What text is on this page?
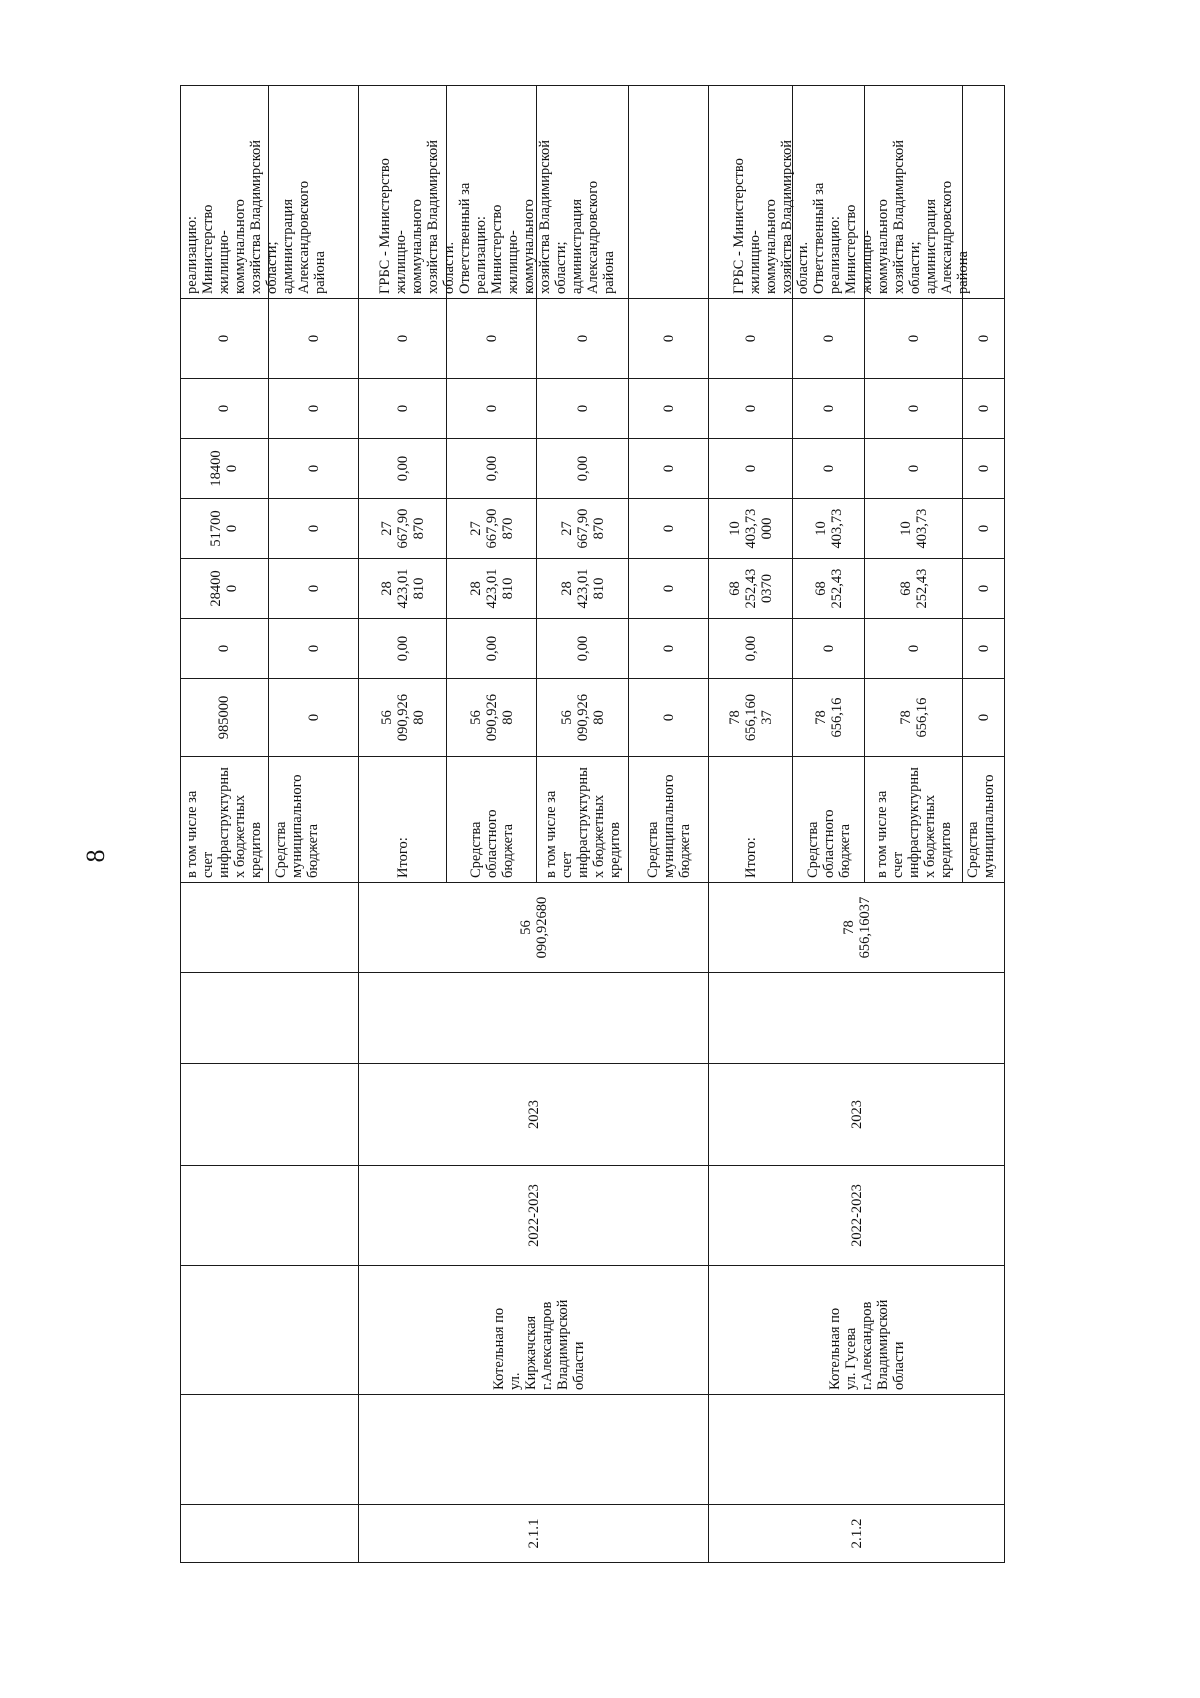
8
в том числе за
счет
инфраструктурны
х бюджетных
кредитов
985000
0
28400
0
51700
0
18400
0
0
0
реализацию:
Министерство
жилищно-
коммунального
хозяйства Владимирской
области;
администрация
Александровского
района
Средства
муниципального
бюджета
0
0
0
0
0
0
0
2.1.1
Котельная по
ул.
Киржачская
г.Александров
Владимирской
области
2022-2023
2023
56
090,92680
ГРБС - Министерство
жилищно-
коммунального
хозяйства Владимирской
области.
Ответственный за
реализацию:
Министерство
жилищно-
коммунального
хозяйства Владимирской
области;
администрация
Александровского
района
Итого:
56
090,926
80
0,00
28
423,01
810
27
667,90
870
0,00
0
0
Средства
областного
бюджета
56
090,926
80
0,00
28
423,01
810
27
667,90
870
0,00
0
0
в том числе за
счет
инфраструктурны
х бюджетных
кредитов
56
090,926
80
0,00
28
423,01
810
27
667,90
870
0,00
0
0
Средства
муниципального
бюджета
0
0
0
0
0
0
0
2.1.2
Котельная по
ул. Гусева
г.Александров
Владимирской
области
2022-2023
2023
78
656,16037
ГРБС - Министерство
жилищно-
коммунального
хозяйства Владимирской
области.
Ответственный за
реализацию:
Министерство
жилищно-
коммунального
хозяйства Владимирской
области;
администрация
Александровского
района
Итого:
78
656,160
37
0,00
68
252,43
0370
10
403,73
000
0
0
0
Средства
областного
бюджета
78
656,16
0
68
252,43
10
403,73
0
0
0
в том числе за
счет
инфраструктурны
х бюджетных
кредитов
78
656,16
0
68
252,43
10
403,73
0
0
0
Средства
муниципального
0
0
0
0
0
0
0
